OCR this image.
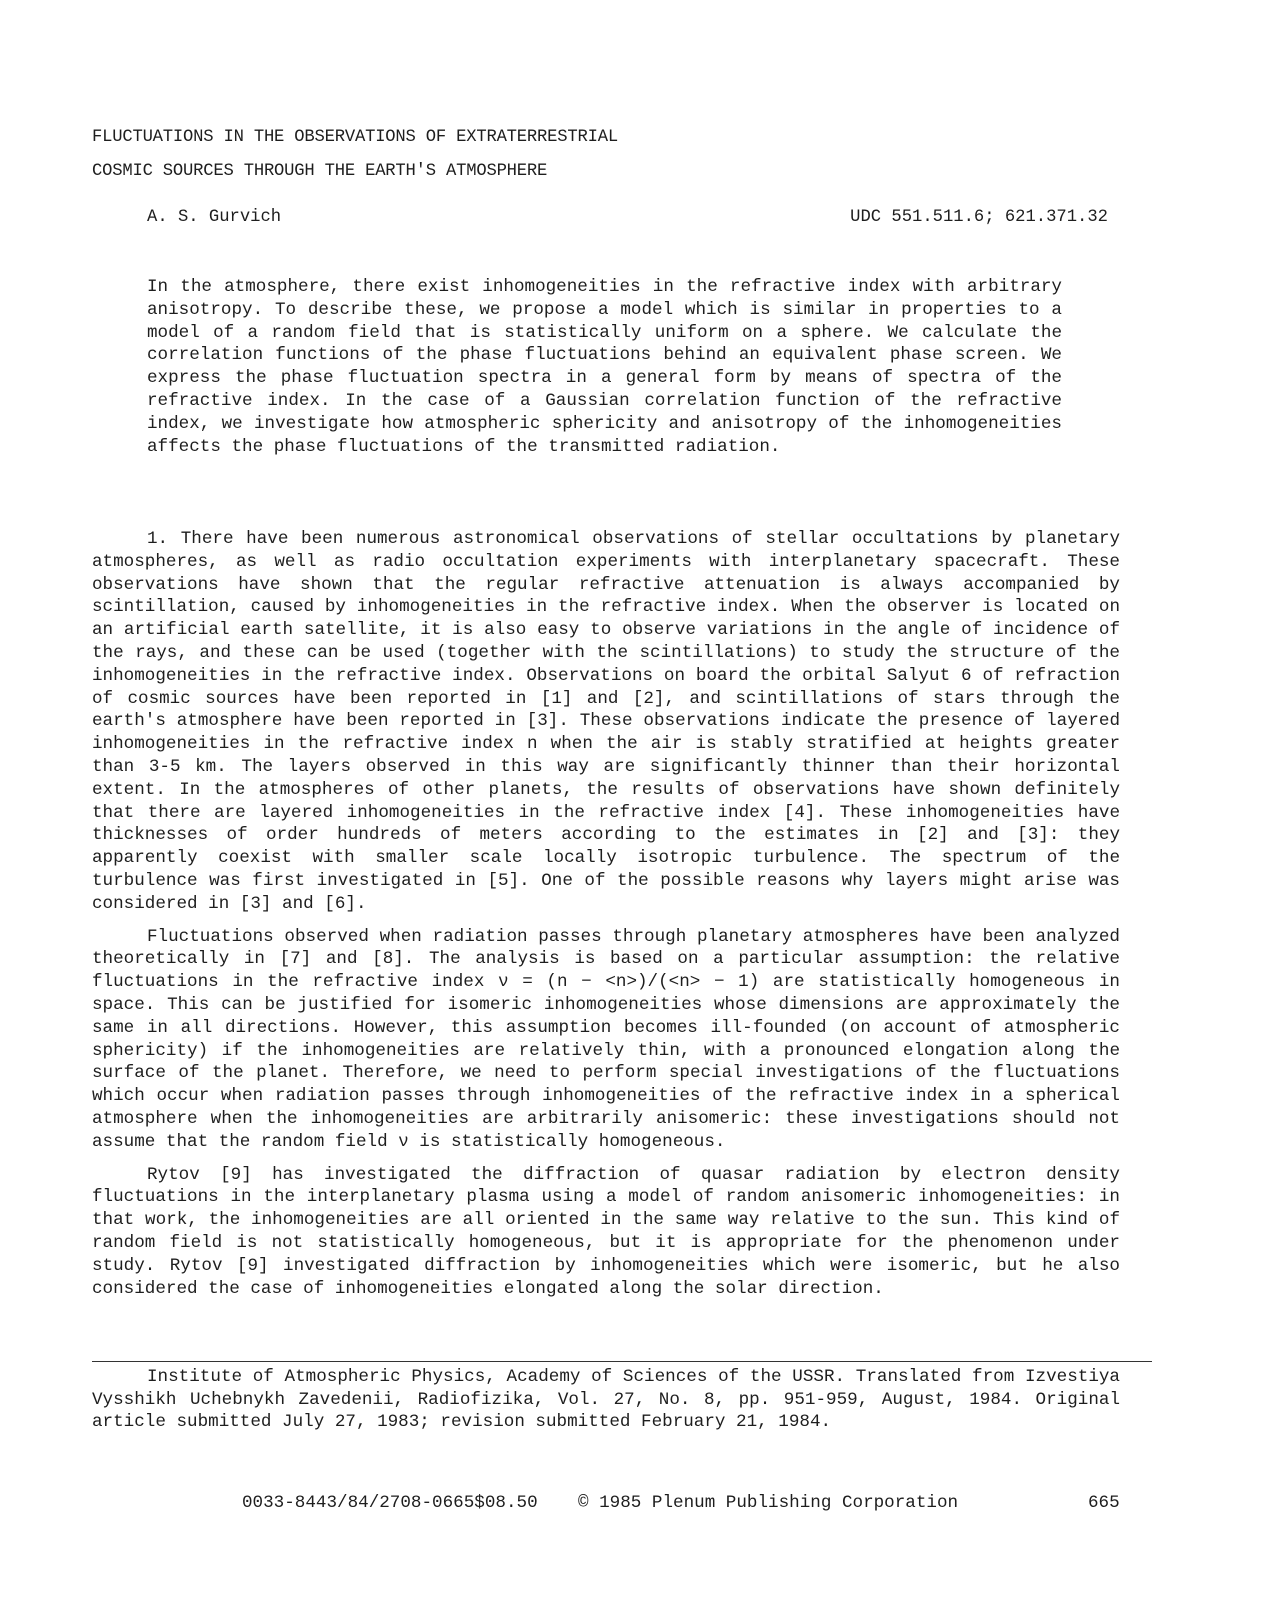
FLUCTUATIONS IN THE OBSERVATIONS OF EXTRATERRESTRIAL
COSMIC SOURCES THROUGH THE EARTH'S ATMOSPHERE
A. S. Gurvich	UDC 551.511.6; 621.371.32
In the atmosphere, there exist inhomogeneities in the refractive index with arbitrary anisotropy. To describe these, we propose a model which is similar in properties to a model of a random field that is statistically uniform on a sphere. We calculate the correlation functions of the phase fluctuations behind an equivalent phase screen. We express the phase fluctuation spectra in a general form by means of spectra of the refractive index. In the case of a Gaussian correlation function of the refractive index, we investigate how atmospheric sphericity and anisotropy of the inhomogeneities affects the phase fluctuations of the transmitted radiation.

1. There have been numerous astronomical observations of stellar occultations by planetary atmospheres, as well as radio occultation experiments with interplanetary spacecraft. These observations have shown that the regular refractive attenuation is always accompanied by scintillation, caused by inhomogeneities in the refractive index. When the observer is located on an artificial earth satellite, it is also easy to observe variations in the angle of incidence of the rays, and these can be used (together with the scintillations) to study the structure of the inhomogeneities in the refractive index. Observations on board the orbital Salyut 6 of refraction of cosmic sources have been reported in [1] and [2], and scintillations of stars through the earth's atmosphere have been reported in [3]. These observations indicate the presence of layered inhomogeneities in the refractive index n when the air is stably stratified at heights greater than 3-5 km. The layers observed in this way are significantly thinner than their horizontal extent. In the atmospheres of other planets, the results of observations have shown definitely that there are layered inhomogeneities in the refractive index [4]. These inhomogeneities have thicknesses of order hundreds of meters according to the estimates in [2] and [3]: they apparently coexist with smaller scale locally isotropic turbulence. The spectrum of the turbulence was first investigated in [5]. One of the possible reasons why layers might arise was considered in [3] and [6].

Fluctuations observed when radiation passes through planetary atmospheres have been analyzed theoretically in [7] and [8]. The analysis is based on a particular assumption: the relative fluctuations in the refractive index ν = (n − <n>)/(<n> − 1) are statistically homogeneous in space. This can be justified for isomeric inhomogeneities whose dimensions are approximately the same in all directions. However, this assumption becomes ill-founded (on account of atmospheric sphericity) if the inhomogeneities are relatively thin, with a pronounced elongation along the surface of the planet. Therefore, we need to perform special investigations of the fluctuations which occur when radiation passes through inhomogeneities of the refractive index in a spherical atmosphere when the inhomogeneities are arbitrarily anisomeric: these investigations should not assume that the random field ν is statistically homogeneous.

Rytov [9] has investigated the diffraction of quasar radiation by electron density fluctuations in the interplanetary plasma using a model of random anisomeric inhomogeneities: in that work, the inhomogeneities are all oriented in the same way relative to the sun. This kind of random field is not statistically homogeneous, but it is appropriate for the phenomenon under study. Rytov [9] investigated diffraction by inhomogeneities which were isomeric, but he also considered the case of inhomogeneities elongated along the solar direction.

Institute of Atmospheric Physics, Academy of Sciences of the USSR. Translated from Izvestiya Vysshikh Uchebnykh Zavedenii, Radiofizika, Vol. 27, No. 8, pp. 951-959, August, 1984. Original article submitted July 27, 1983; revision submitted February 21, 1984.

0033-8443/84/2708-0665$08.50 © 1985 Plenum Publishing Corporation	665
